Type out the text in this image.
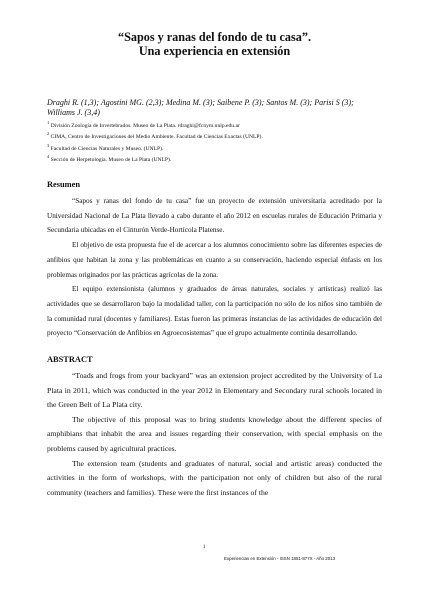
“Sapos y ranas del fondo de tu casa”.
Una experiencia en extensión
Draghi R. (1,3); Agostini MG. (2,3); Medina M. (3); Saibene P. (3); Santos M. (3); Parisi S (3); Williams J. (3,4)
$^1$ División Zoología de Invertebrados. Museo de La Plata. rdraghi@fcnym.unlp.edu.ar
$^2$ CIMA, Centro de Investigaciones del Medio Ambiente. Facultad de Ciencias Exactas (UNLP).
$^3$ Facultad de Ciencias Naturales y Museo. (UNLP).
$^4$ Sección de Herpetología. Museo de La Plata (UNLP).
Resumen

“Sapos y ranas del fondo de tu casa” fue un proyecto de extensión universitaria acreditado por la Universidad Nacional de La Plata llevado a cabo durante el año 2012 en escuelas rurales de Educación Primaria y Secundaria ubicadas en el Cinturón Verde-Hortícola Platense.

El objetivo de esta propuesta fue el de acercar a los alumnos conocimiento sobre las diferentes especies de anfibios que habitan la zona y las problemáticas en cuanto a su conservación, haciendo especial énfasis en los problemas originados por las prácticas agrícolas de la zona.

El equipo extensionista (alumnos y graduados de áreas naturales, sociales y artísticas) realizó las actividades que se desarrollaron bajo la modalidad taller, con la participación no sólo de los niños sino también de la comunidad rural (docentes y familiares). Estas fueron las primeras instancias de las actividades de educación del proyecto “Conservación de Anfibios en Agroecosistemas” que el grupo actualmente continúa desarrollando.

ABSTRACT

“Toads and frogs from your backyard” was an extension project accredited by the University of La Plata in 2011, which was conducted in the year 2012 in Elementary and Secondary rural schools located in the Green Belt of La Plata city.

The objective of this proposal was to bring students knowledge about the different species of amphibians that inhabit the area and issues regarding their conservation, with special emphasis on the problems caused by agricultural practices.

The extension team (students and graduates of natural, social and artistic areas) conducted the activities in the form of workshops, with the participation not only of children but also of the rural community (teachers and families). These were the first instances of the

1
Experiencias en Extensión - ISSN 1851-877X - Año 2013
